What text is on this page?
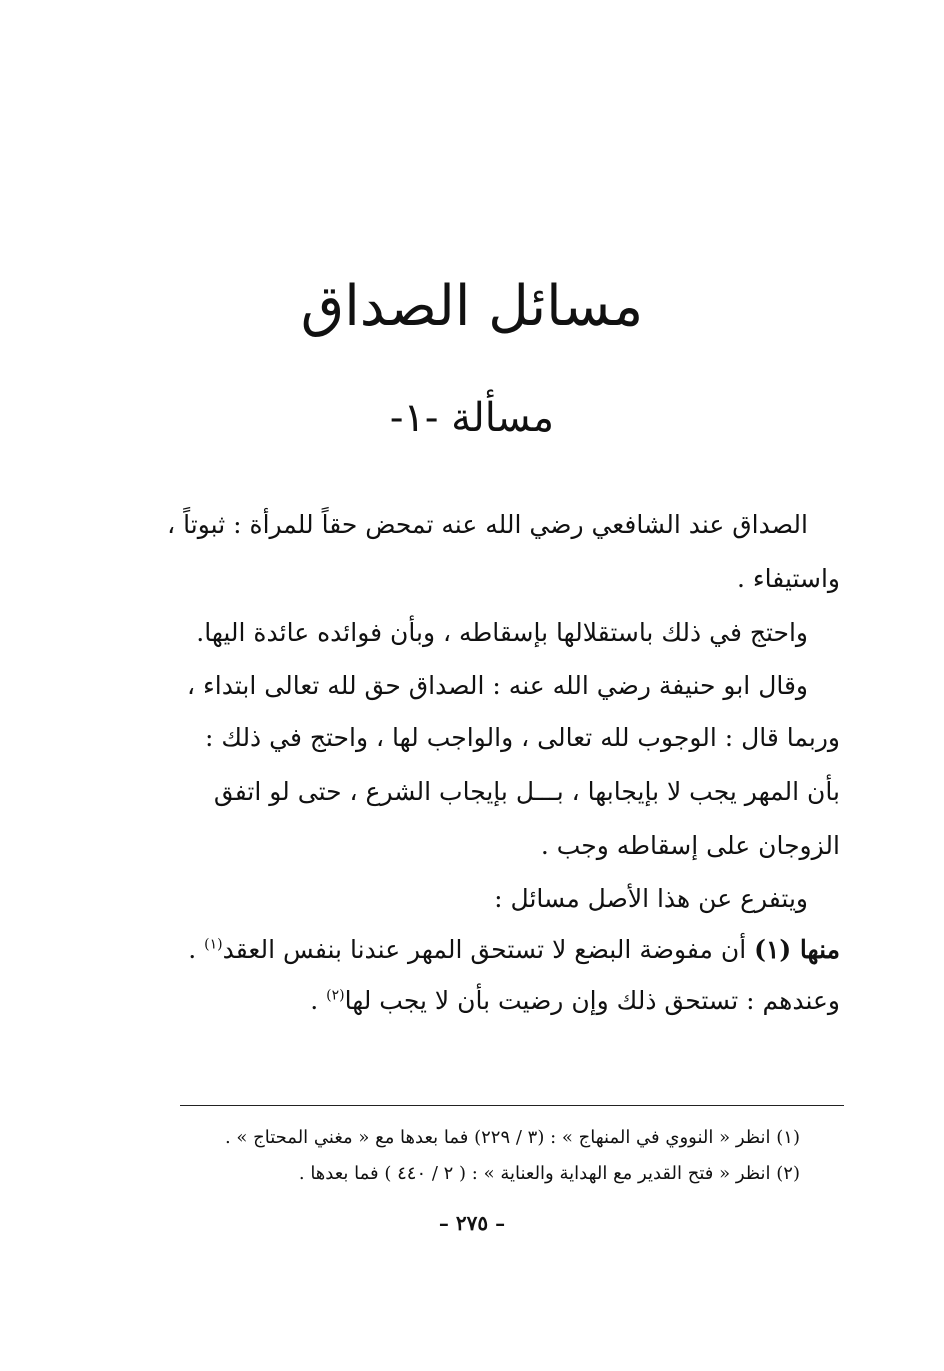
مسائل الصداق
مسألة -١-
الصداق عند الشافعي رضي الله عنه تمحض حقاً للمرأة : ثبوتاً ،
واستيفاء .
واحتج في ذلك باستقلالها بإسقاطه ، وبأن فوائده عائدة اليها.
وقال ابو حنيفة رضي الله عنه : الصداق حق لله تعالى ابتداء ،
وربما قال : الوجوب لله تعالى ، والواجب لها ، واحتج في ذلك :
بأن المهر يجب لا بإيجابها ، بـــل بإيجاب الشرع ، حتى لو اتفق
الزوجان على إسقاطه وجب .
ويتفرع عن هذا الأصل مسائل :
منها (١) أن مفوضة البضع لا تستحق المهر عندنا بنفس العقد$^{(١)}$ .
وعندهم : تستحق ذلك وإن رضيت بأن لا يجب لها$^{(٢)}$ .
(١) انظر « النووي في المنهاج » : (٣ / ٢٢٩) فما بعدها مع « مغني المحتاج » .
(٢) انظر « فتح القدير مع الهداية والعناية » : ( ٢ / ٤٤٠ ) فما بعدها .
– ٢٧٥ –
